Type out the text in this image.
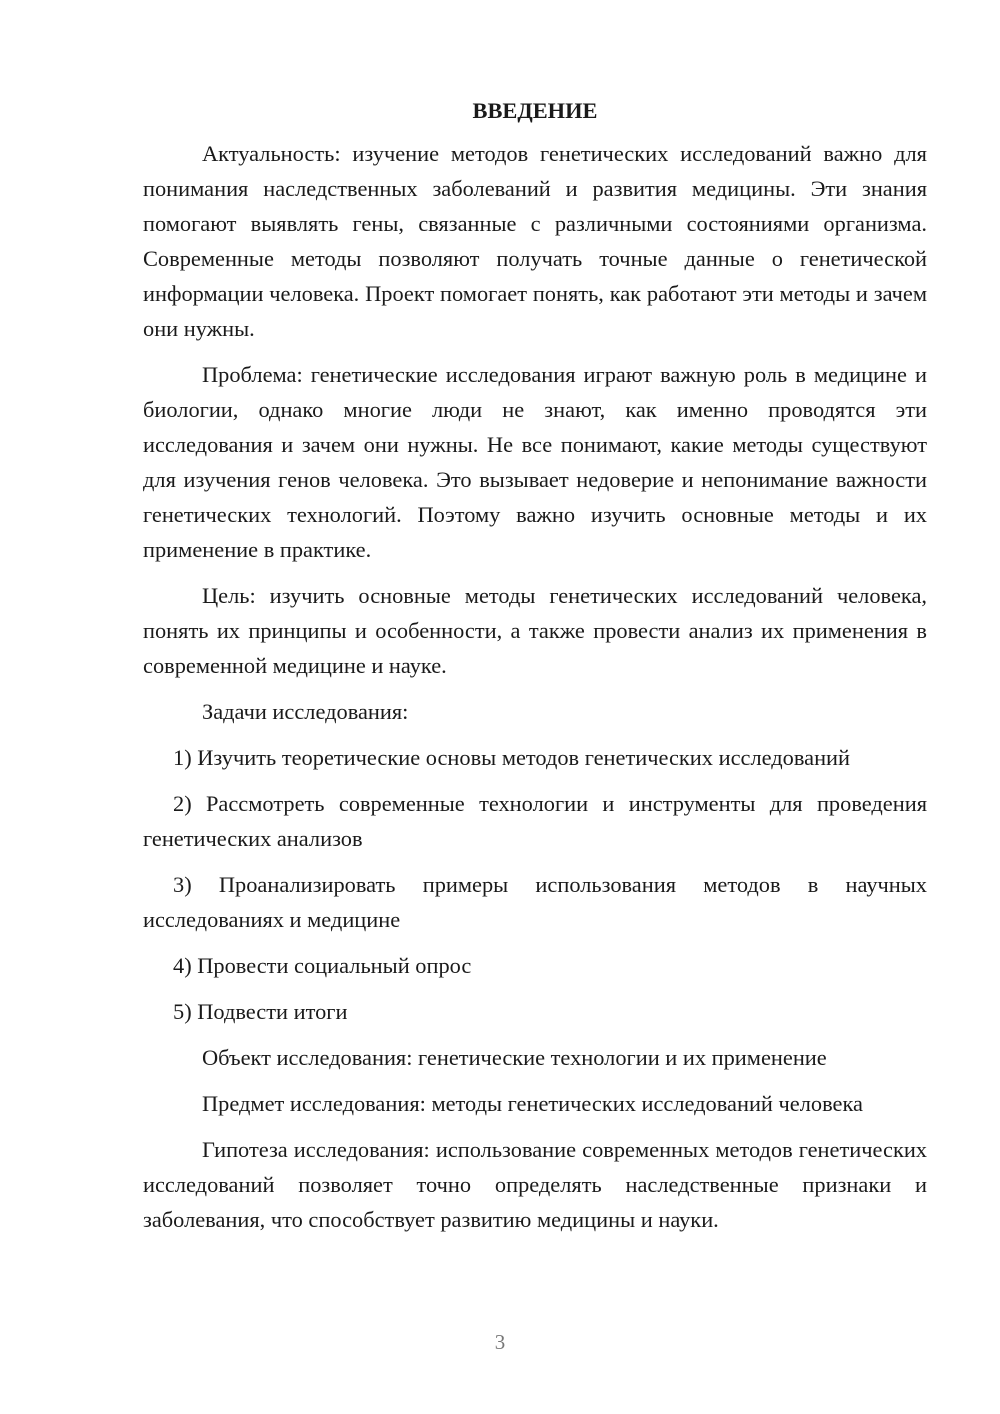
ВВЕДЕНИЕ
Актуальность: изучение методов генетических исследований важно для понимания наследственных заболеваний и развития медицины. Эти знания помогают выявлять гены, связанные с различными состояниями организма. Современные методы позволяют получать точные данные о генетической информации человека. Проект помогает понять, как работают эти методы и зачем они нужны.
Проблема: генетические исследования играют важную роль в медицине и биологии, однако многие люди не знают, как именно проводятся эти исследования и зачем они нужны. Не все понимают, какие методы существуют для изучения генов человека. Это вызывает недоверие и непонимание важности генетических технологий. Поэтому важно изучить основные методы и их применение в практике.
Цель: изучить основные методы генетических исследований человека, понять их принципы и особенности, а также провести анализ их применения в современной медицине и науке.
Задачи исследования:
1) Изучить теоретические основы методов генетических исследований
2) Рассмотреть современные технологии и инструменты для проведения генетических анализов
3) Проанализировать примеры использования методов в научных исследованиях и медицине
4) Провести социальный опрос
5) Подвести итоги
Объект исследования: генетические технологии и их применение
Предмет исследования: методы генетических исследований человека
Гипотеза исследования: использование современных методов генетических исследований позволяет точно определять наследственные признаки и заболевания, что способствует развитию медицины и науки.
3
